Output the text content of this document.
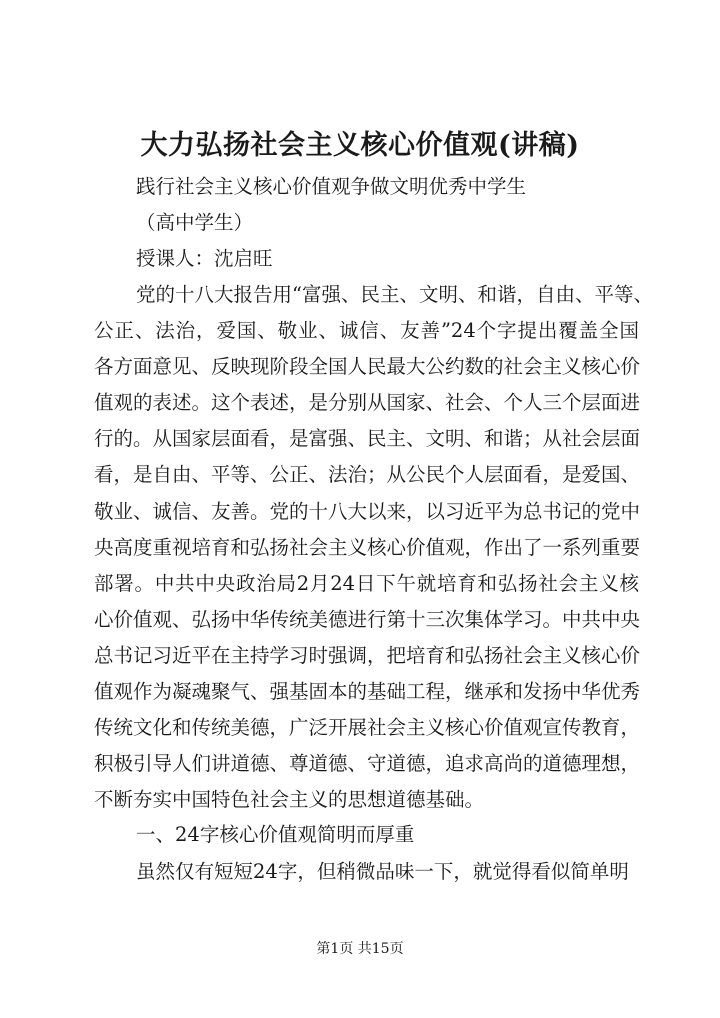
大力弘扬社会主义核心价值观(讲稿)

践行社会主义核心价值观争做文明优秀中学生

（高中学生）

授课人：沈启旺

党的十八大报告用“富强、民主、文明、和谐，自由、平等、
公正、法治，爱国、敬业、诚信、友善”24个字提出覆盖全国
各方面意见、反映现阶段全国人民最大公约数的社会主义核心价
值观的表述。这个表述，是分别从国家、社会、个人三个层面进
行的。从国家层面看，是富强、民主、文明、和谐；从社会层面
看，是自由、平等、公正、法治；从公民个人层面看，是爱国、
敬业、诚信、友善。党的十八大以来，以习近平为总书记的党中
央高度重视培育和弘扬社会主义核心价值观，作出了一系列重要
部署。中共中央政治局2月24日下午就培育和弘扬社会主义核
心价值观、弘扬中华传统美德进行第十三次集体学习。中共中央
总书记习近平在主持学习时强调，把培育和弘扬社会主义核心价
值观作为凝魂聚气、强基固本的基础工程，继承和发扬中华优秀
传统文化和传统美德，广泛开展社会主义核心价值观宣传教育，
积极引导人们讲道德、尊道德、守道德，追求高尚的道德理想，
不断夯实中国特色社会主义的思想道德基础。

一、24字核心价值观简明而厚重

虽然仅有短短24字，但稍微品味一下，就觉得看似简单明

第1页 共15页
